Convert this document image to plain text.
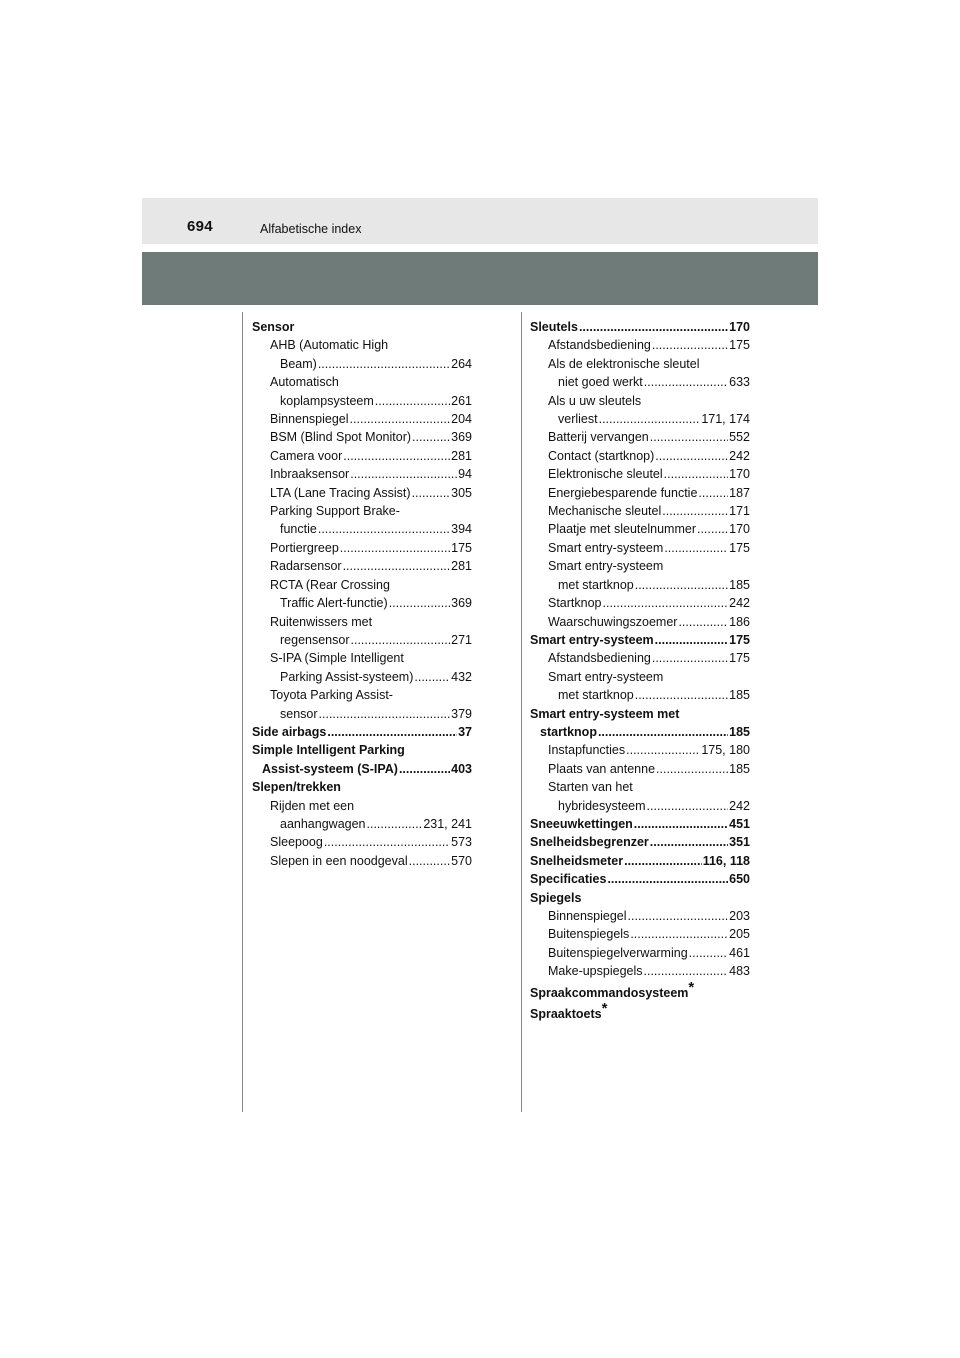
694	Alfabetische index
Sensor
AHB (Automatic High
Beam) .....	264
Automatisch
koplampsysteem .....	261
Binnenspiegel .....	204
BSM (Blind Spot Monitor) .....	369
Camera voor .....	281
Inbraaksensor .....	94
LTA (Lane Tracing Assist) .....	305
Parking Support Brake-
functie .....	394
Portiergreep .....	175
Radarsensor .....	281
RCTA (Rear Crossing
Traffic Alert-functie) .....	369
Ruitenwissers met
regensensor .....	271
S-IPA (Simple Intelligent
Parking Assist-systeem) .....	432
Toyota Parking Assist-
sensor .....	379
Side airbags .....	37
Simple Intelligent Parking
Assist-systeem (S-IPA) .....	403
Slepen/trekken
Rijden met een
aanhangwagen .....	231, 241
Sleepoog .....	573
Slepen in een noodgeval .....	570
Sleutels .....	170
Afstandsbediening .....	175
Als de elektronische sleutel
niet goed werkt .....	633
Als u uw sleutels
verliest .....	171, 174
Batterij vervangen .....	552
Contact (startknop) .....	242
Elektronische sleutel .....	170
Energiebesparende functie .....	187
Mechanische sleutel .....	171
Plaatje met sleutelnummer .....	170
Smart entry-systeem .....	175
Smart entry-systeem
met startknop .....	185
Startknop .....	242
Waarschuwingszoemer .....	186
Smart entry-systeem .....	175
Afstandsbediening .....	175
Smart entry-systeem
met startknop .....	185
Smart entry-systeem met
startknop .....	185
Instapfuncties .....	175, 180
Plaats van antenne .....	185
Starten van het
hybridesysteem .....	242
Sneeuwkettingen .....	451
Snelheidsbegrenzer .....	351
Snelheidsmeter .....	116, 118
Specificaties .....	650
Spiegels
Binnenspiegel .....	203
Buitenspiegels .....	205
Buitenspiegelverwarming .....	461
Make-upspiegels .....	483
Spraakcommandosysteem*
Spraaktoets*
